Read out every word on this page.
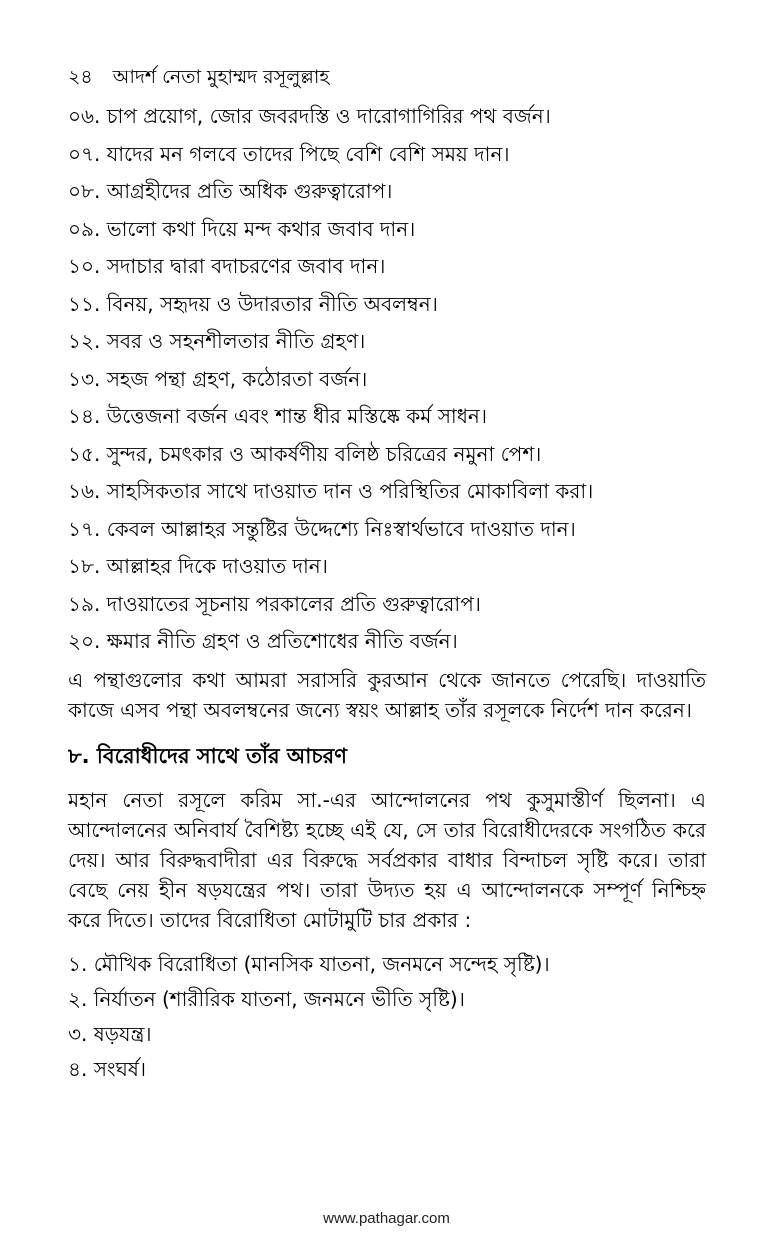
২৪ আদর্শ নেতা মুহাম্মদ রসূলুল্লাহ
০৬. চাপ প্রয়োগ, জোর জবরদস্তি ও দারোগাগিরির পথ বর্জন।
০৭. যাদের মন গলবে তাদের পিছে বেশি বেশি সময় দান।
০৮. আগ্রহীদের প্রতি অধিক গুরুত্বারোপ।
০৯. ভালো কথা দিয়ে মন্দ কথার জবাব দান।
১০. সদাচার দ্বারা বদাচরণের জবাব দান।
১১. বিনয়, সহৃদয় ও উদারতার নীতি অবলম্বন।
১২. সবর ও সহনশীলতার নীতি গ্রহণ।
১৩. সহজ পন্থা গ্রহণ, কঠোরতা বর্জন।
১৪. উত্তেজনা বর্জন এবং শান্ত ধীর মস্তিষ্কে কর্ম সাধন।
১৫. সুন্দর, চমৎকার ও আকর্ষণীয় বলিষ্ঠ চরিত্রের নমুনা পেশ।
১৬. সাহসিকতার সাথে দাওয়াত দান ও পরিস্থিতির মোকাবিলা করা।
১৭. কেবল আল্লাহর সন্তুষ্টির উদ্দেশ্যে নিঃস্বার্থভাবে দাওয়াত দান।
১৮. আল্লাহর দিকে দাওয়াত দান।
১৯. দাওয়াতের সূচনায় পরকালের প্রতি গুরুত্বারোপ।
২০. ক্ষমার নীতি গ্রহণ ও প্রতিশোধের নীতি বর্জন।

এ পন্থাগুলোর কথা আমরা সরাসরি কুরআন থেকে জানতে পেরেছি। দাওয়াতি কাজে এসব পন্থা অবলম্বনের জন্যে স্বয়ং আল্লাহ তাঁর রসূলকে নির্দেশ দান করেন।

৮. বিরোধীদের সাথে তাঁর আচরণ

মহান নেতা রসূলে করিম সা.-এর আন্দোলনের পথ কুসুমাস্তীর্ণ ছিলনা। এ আন্দোলনের অনিবার্য বৈশিষ্ট্য হচ্ছে এই যে, সে তার বিরোধীদেরকে সংগঠিত করে দেয়। আর বিরুদ্ধবাদীরা এর বিরুদ্ধে সর্বপ্রকার বাধার বিন্দাচল সৃষ্টি করে। তারা বেছে নেয় হীন ষড়যন্ত্রের পথ। তারা উদ্যত হয় এ আন্দোলনকে সম্পূর্ণ নিশ্চিহ্ন করে দিতে। তাদের বিরোধিতা মোটামুটি চার প্রকার :

১. মৌখিক বিরোধিতা (মানসিক যাতনা, জনমনে সন্দেহ সৃষ্টি)।
২. নির্যাতন (শারীরিক যাতনা, জনমনে ভীতি সৃষ্টি)।
৩. ষড়যন্ত্র।
৪. সংঘর্ষ।
www.pathagar.com
